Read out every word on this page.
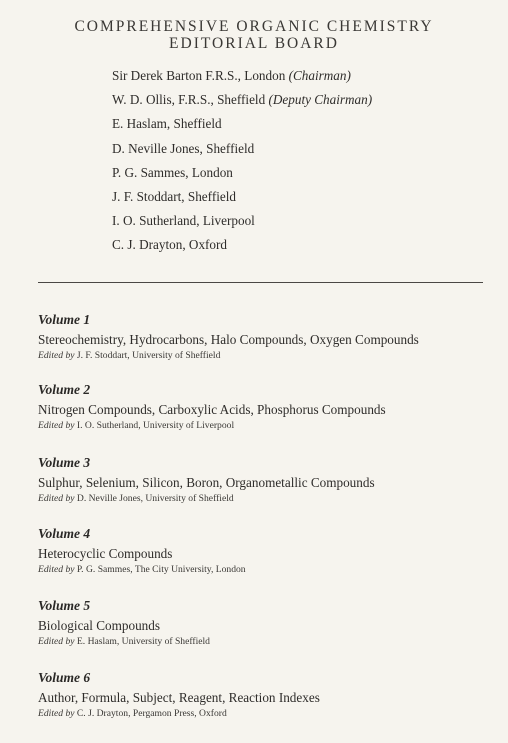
COMPREHENSIVE ORGANIC CHEMISTRY
EDITORIAL BOARD
Sir Derek Barton F.R.S., London (Chairman)
W. D. Ollis, F.R.S., Sheffield (Deputy Chairman)
E. Haslam, Sheffield
D. Neville Jones, Sheffield
P. G. Sammes, London
J. F. Stoddart, Sheffield
I. O. Sutherland, Liverpool
C. J. Drayton, Oxford
Volume 1
Stereochemistry, Hydrocarbons, Halo Compounds, Oxygen Compounds
Edited by J. F. Stoddart, University of Sheffield
Volume 2
Nitrogen Compounds, Carboxylic Acids, Phosphorus Compounds
Edited by I. O. Sutherland, University of Liverpool
Volume 3
Sulphur, Selenium, Silicon, Boron, Organometallic Compounds
Edited by D. Neville Jones, University of Sheffield
Volume 4
Heterocyclic Compounds
Edited by P. G. Sammes, The City University, London
Volume 5
Biological Compounds
Edited by E. Haslam, University of Sheffield
Volume 6
Author, Formula, Subject, Reagent, Reaction Indexes
Edited by C. J. Drayton, Pergamon Press, Oxford
